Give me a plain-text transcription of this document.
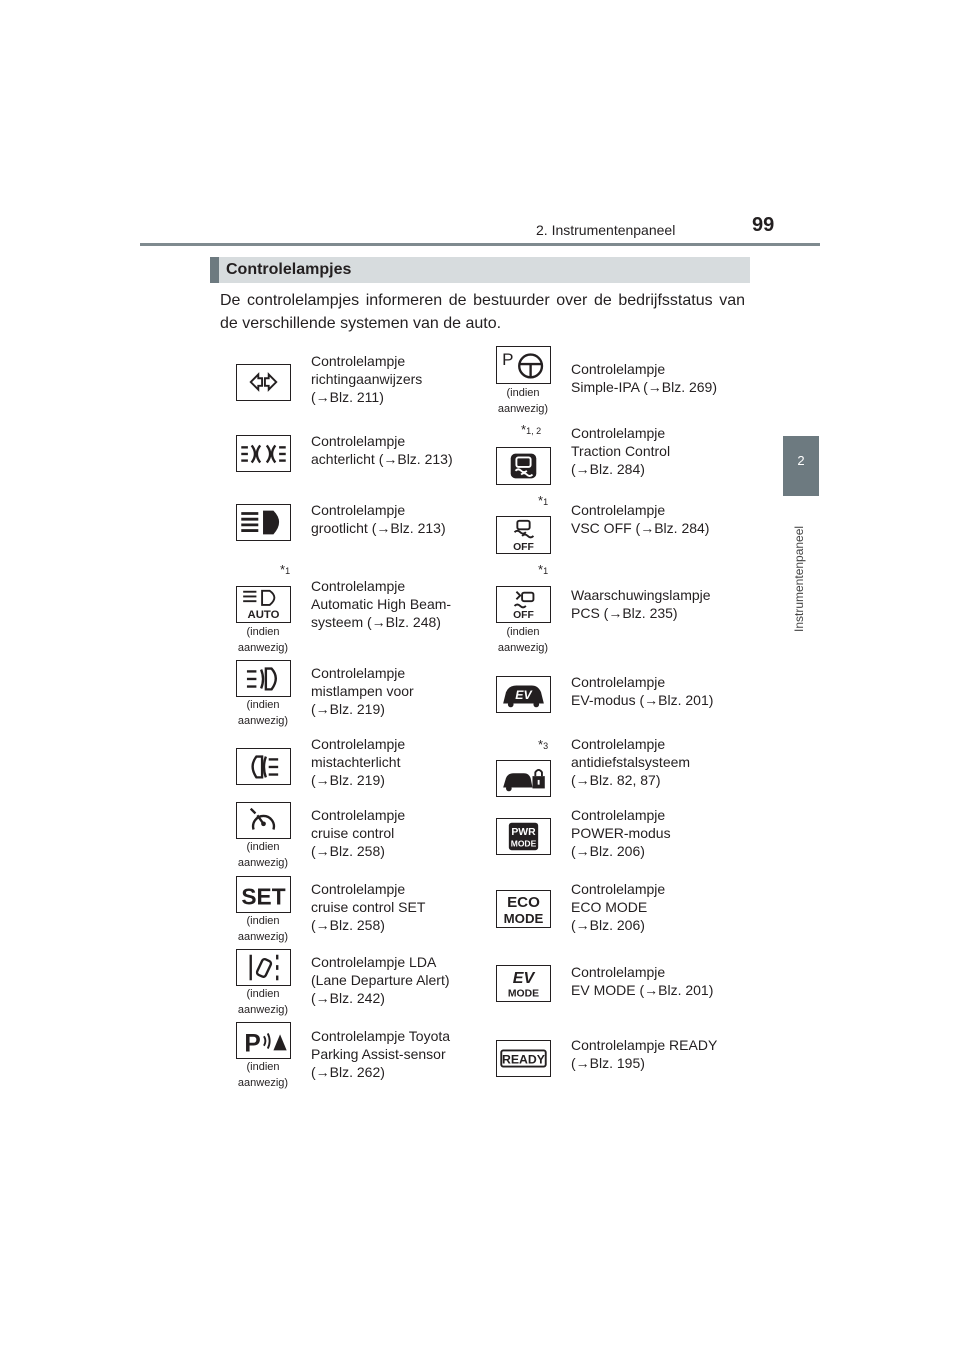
2. Instrumentenpaneel	99
2
Instrumentenpaneel
Controlelampjes
De controlelampjes informeren de bestuurder over de bedrijfsstatus van de verschillende systemen van de auto.
Controlelampje
richtingaanwijzers
(→Blz. 211)
Controlelampje
achterlicht (→Blz. 213)
Controlelampje
grootlicht (→Blz. 213)
*1
AUTO
(indien aanwezig)
Controlelampje
Automatic High Beam-
systeem (→Blz. 248)
(indien aanwezig)
Controlelampje
mistlampen voor
(→Blz. 219)
Controlelampje
mistachterlicht
(→Blz. 219)
(indien aanwezig)
Controlelampje
cruise control
(→Blz. 258)
SET
(indien aanwezig)
Controlelampje
cruise control SET
(→Blz. 258)
(indien aanwezig)
Controlelampje LDA
(Lane Departure Alert)
(→Blz. 242)
P
(indien aanwezig)
Controlelampje Toyota
Parking Assist-sensor
(→Blz. 262)
P
(indien aanwezig)
Controlelampje
Simple-IPA (→Blz. 269)
*1, 2 Controlelampje
Traction Control
(→Blz. 284)
*1
OFF
Controlelampje
VSC OFF (→Blz. 284)
*1
OFF
(indien aanwezig)
Waarschuwingslampje
PCS (→Blz. 235)
EV
Controlelampje
EV-modus (→Blz. 201)
*3 Controlelampje
antidiefstalsysteem
(→Blz. 82, 87)
PWR
MODE
Controlelampje
POWER-modus
(→Blz. 206)
ECO
MODE
Controlelampje
ECO MODE
(→Blz. 206)
EV
MODE
Controlelampje
EV MODE (→Blz. 201)
READY
Controlelampje READY
(→Blz. 195)
